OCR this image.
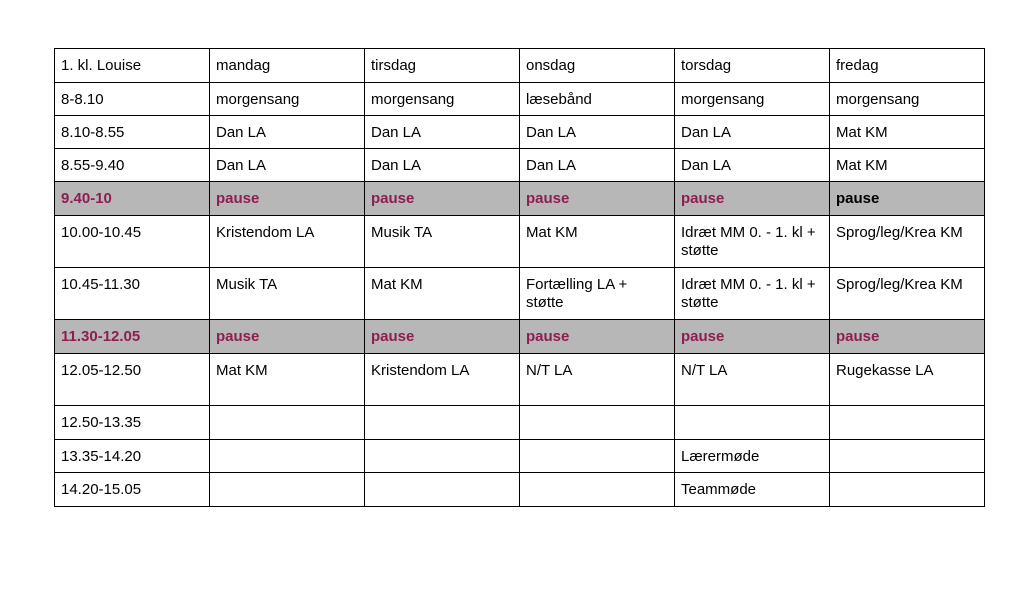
1. kl. Louise	mandag	tirsdag	onsdag	torsdag	fredag
8-8.10	morgensang	morgensang	læsebånd	morgensang	morgensang
8.10-8.55	Dan LA	Dan LA	Dan LA	Dan LA	Mat KM
8.55-9.40	Dan LA	Dan LA	Dan LA	Dan LA	Mat KM
9.40-10	pause	pause	pause	pause	pause
10.00-10.45	Kristendom LA	Musik TA	Mat KM	Idræt MM 0. - 1. kl + støtte	Sprog/leg/Krea KM
10.45-11.30	Musik TA	Mat KM	Fortælling LA + støtte	Idræt MM 0. - 1. kl + støtte	Sprog/leg/Krea KM
11.30-12.05	pause	pause	pause	pause	pause
12.05-12.50	Mat KM	Kristendom LA	N/T LA	N/T LA	Rugekasse LA
12.50-13.35					
13.35-14.20				Lærermøde	
14.20-15.05				Teammøde	
